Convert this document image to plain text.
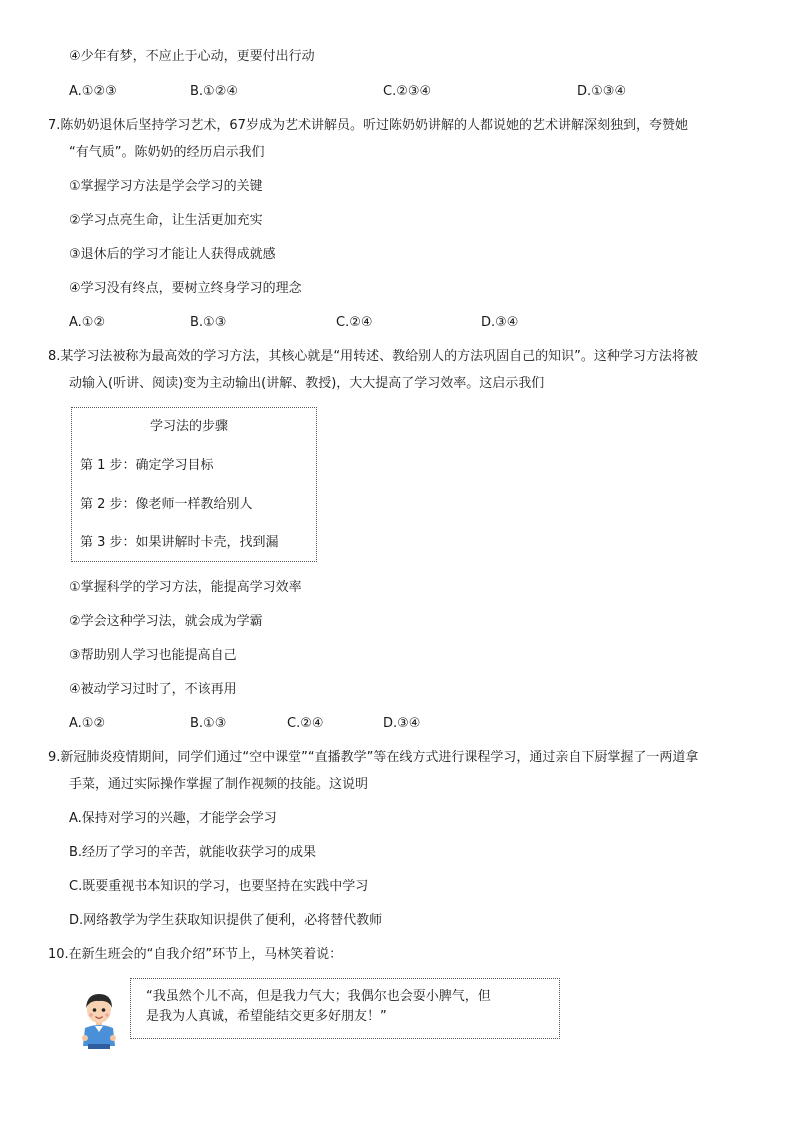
④少年有梦，不应止于心动，更要付出行动
A.①②③	B.①②④	C.②③④	D.①③④
7.陈奶奶退休后坚持学习艺术，67岁成为艺术讲解员。听过陈奶奶讲解的人都说她的艺术讲解深刻独到，夸赞她
“有气质”。陈奶奶的经历启示我们
①掌握学习方法是学会学习的关键
②学习点亮生命，让生活更加充实
③退休后的学习才能让人获得成就感
④学习没有终点，要树立终身学习的理念
A.①②	B.①③	C.②④	D.③④
8.某学习法被称为最高效的学习方法，其核心就是“用转述、教给别人的方法巩固自己的知识”。这种学习方法将被
动输入(听讲、阅读)变为主动输出(讲解、教授)，大大提高了学习效率。这启示我们
学习法的步骤
第 1 步：确定学习目标
第 2 步：像老师一样教给别人
第 3 步：如果讲解时卡壳，找到漏
①掌握科学的学习方法，能提高学习效率
②学会这种学习法，就会成为学霸
③帮助别人学习也能提高自己
④被动学习过时了，不该再用
A.①②	B.①③	C.②④	D.③④
9.新冠肺炎疫情期间，同学们通过“空中课堂”“直播教学”等在线方式进行课程学习，通过亲自下厨掌握了一两道拿
手菜，通过实际操作掌握了制作视频的技能。这说明
A.保持对学习的兴趣，才能学会学习
B.经历了学习的辛苦，就能收获学习的成果
C.既要重视书本知识的学习，也要坚持在实践中学习
D.网络教学为学生获取知识提供了便利，必将替代教师
10.在新生班会的“自我介绍”环节上，马林笑着说：
“我虽然个儿不高，但是我力气大；我偶尔也会耍小脾气，但
是我为人真诚，希望能结交更多好朋友！”
